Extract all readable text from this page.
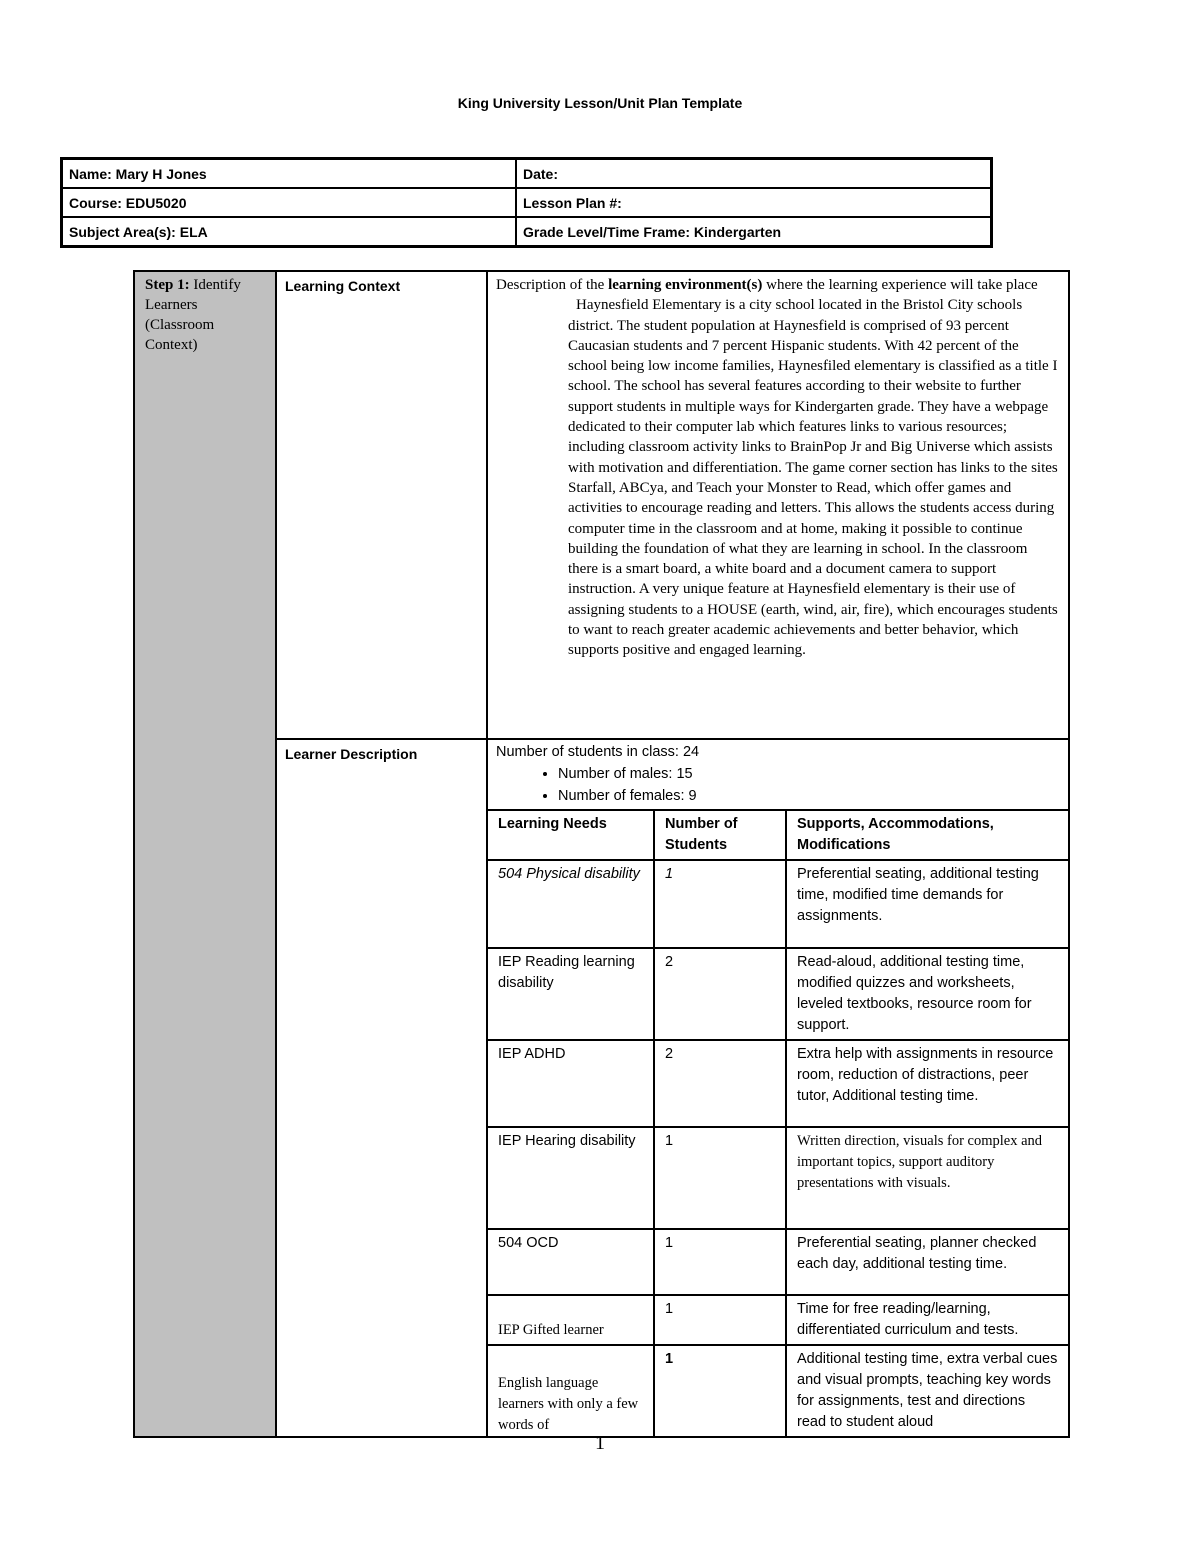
King University Lesson/Unit Plan Template
Name: Mary H Jones	Date:
Course: EDU5020	Lesson Plan #:
Subject Area(s): ELA	Grade Level/Time Frame: Kindergarten
Step 1: Identify Learners (Classroom Context)	Learning Context	Description of the learning environment(s) where the learning experience will take place
Haynesfield Elementary is a city school located in the Bristol City schools district. The student population at Haynesfield is comprised of 93 percent Caucasian students and 7 percent Hispanic students. With 42 percent of the school being low income families, Haynesfiled elementary is classified as a title I school. The school has several features according to their website to further support students in multiple ways for Kindergarten grade. They have a webpage dedicated to their computer lab which features links to various resources; including classroom activity links to BrainPop Jr and Big Universe which assists with motivation and differentiation. The game corner section has links to the sites Starfall, ABCya, and Teach your Monster to Read, which offer games and activities to encourage reading and letters. This allows the students access during computer time in the classroom and at home, making it possible to continue building the foundation of what they are learning in school. In the classroom there is a smart board, a white board and a document camera to support instruction. A very unique feature at Haynesfield elementary is their use of assigning students to a HOUSE (earth, wind, air, fire), which encourages students to want to reach greater academic achievements and better behavior, which supports positive and engaged learning.

Learner Description	Number of students in class: 24
• Number of males: 15
• Number of females: 9
Learning Needs	Number of Students	Supports, Accommodations, Modifications
504 Physical disability	1	Preferential seating, additional testing time, modified time demands for assignments.
IEP Reading learning disability	2	Read-aloud, additional testing time, modified quizzes and worksheets, leveled textbooks, resource room for support.
IEP ADHD	2	Extra help with assignments in resource room, reduction of distractions, peer tutor, Additional testing time.
IEP Hearing disability	1	Written direction, visuals for complex and important topics, support auditory presentations with visuals.
504 OCD	1	Preferential seating, planner checked each day, additional testing time.
IEP Gifted learner	1	Time for free reading/learning, differentiated curriculum and tests.
English language learners with only a few words of	1	Additional testing time, extra verbal cues and visual prompts, teaching key words for assignments, test and directions read to student aloud
1
